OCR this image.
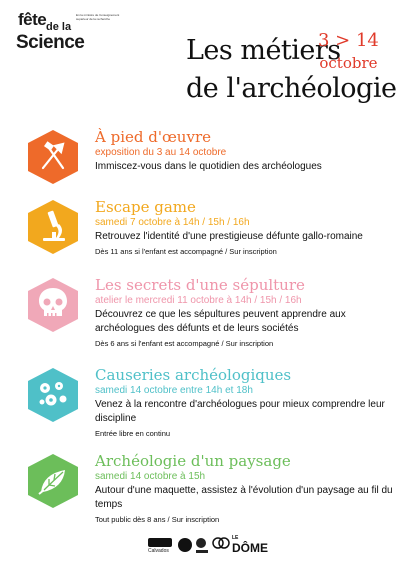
fête de la
Science
En la ministre de l'enseignement supérieur de la recherche
Les métiers
de l'archéologie
3 > 14
octobre
À pied d'œuvre
exposition du 3 au 14 octobre
Immiscez-vous dans le quotidien des archéologues
Escape game
samedi 7 octobre à 14h / 15h / 16h
Retrouvez l'identité d'une prestigieuse défunte gallo-romaine
Dès 11 ans si l'enfant est accompagné / Sur inscription
Les secrets d'une sépulture
atelier le mercredi 11 octobre à 14h / 15h / 16h
Découvrez ce que les sépultures peuvent apprendre aux archéologues des défunts et de leurs sociétés
Dès 6 ans si l'enfant est accompagné / Sur inscription
Causeries archéologiques
samedi 14 octobre entre 14h et 18h
Venez à la rencontre d'archéologues pour mieux comprendre leur discipline
Entrée libre en continu
Archéologie d'un paysage
samedi 14 octobre à 15h
Autour d'une maquette, assistez à l'évolution d'un paysage au fil du temps
Tout public dès 8 ans / Sur inscription
Calvados
LE
DÔME
